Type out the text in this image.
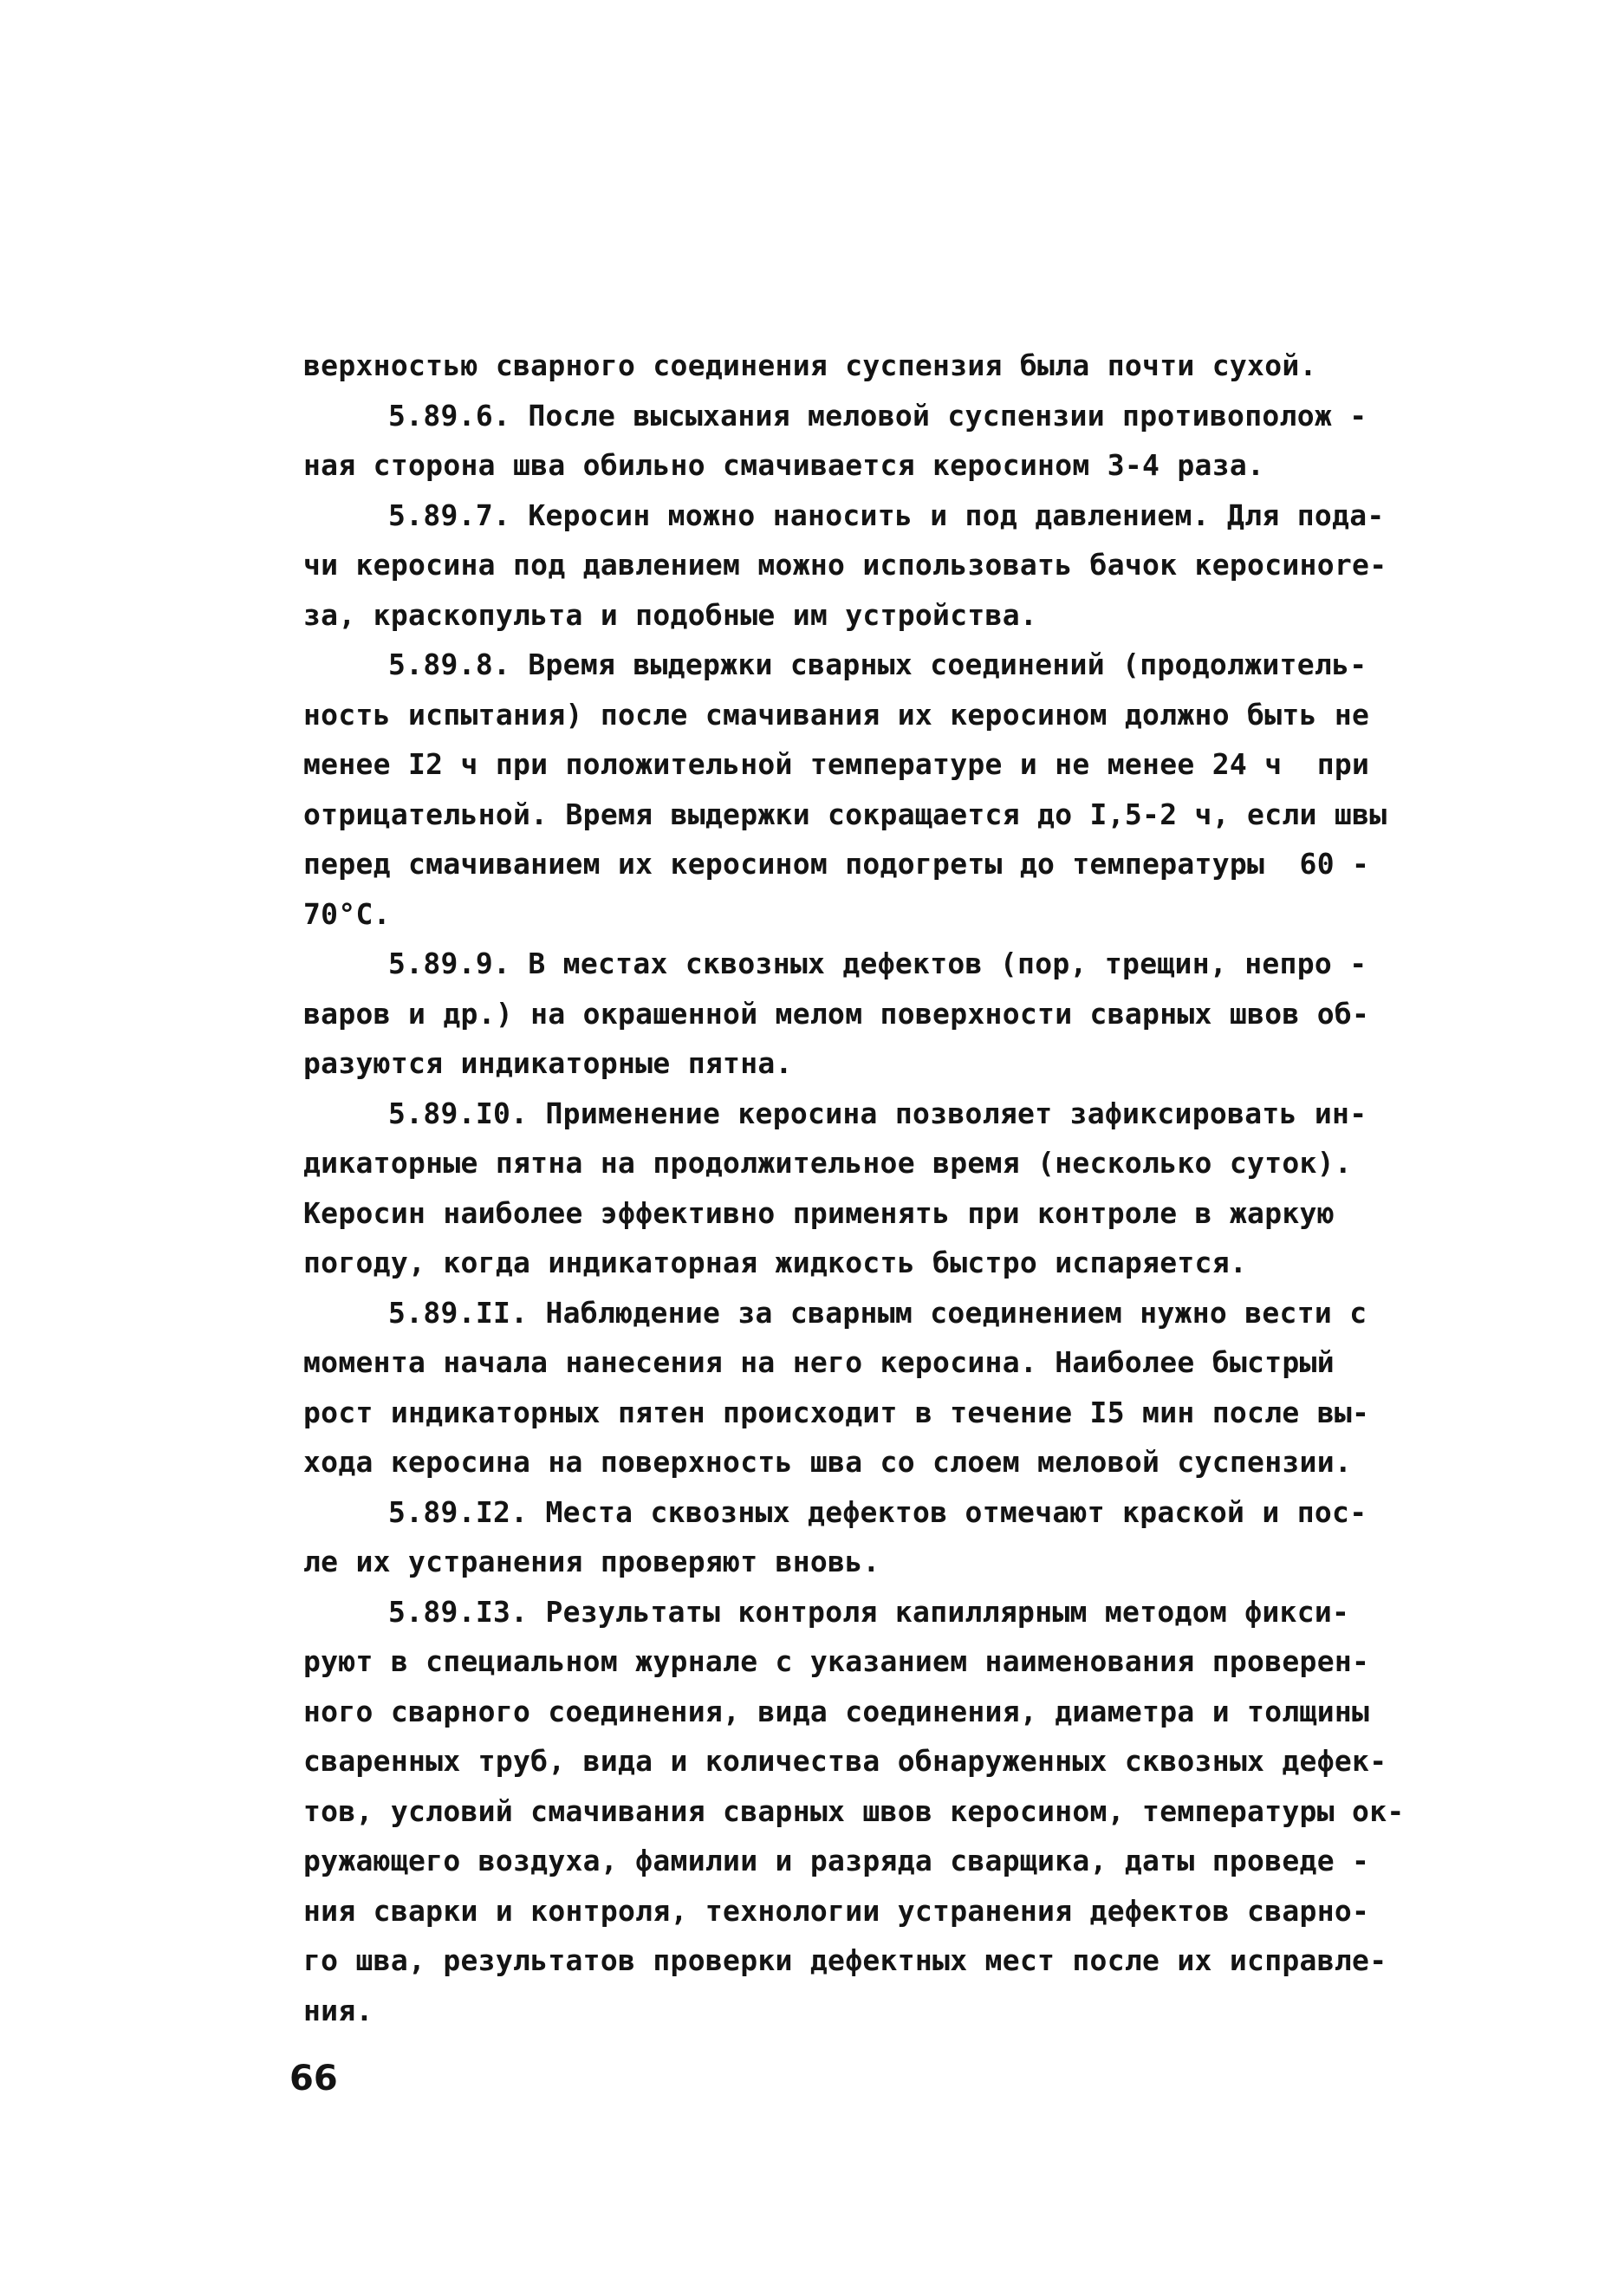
верхностью сварного соединения суспензия была почти сухой.
5.89.6. После высыхания меловой суспензии противополож -
ная сторона шва обильно смачивается керосином 3-4 раза.
5.89.7. Керосин можно наносить и под давлением. Для пода-
чи керосина под давлением можно использовать бачок керосинore-
за, краскопульта и подобные им устройства.
5.89.8. Время выдержки сварных соединений (продолжитель-
ность испытания) после смачивания их керосином должно быть не
менее I2 ч при положительной температуре и не менее 24 ч  при
отрицательной. Время выдержки сокращается до I,5-2 ч, если швы
перед смачиванием их керосином подогреты до температуры  60 -
70°С.
5.89.9. В местах сквозных дефектов (пор, трещин, непро -
варов и др.) на окрашенной мелом поверхности сварных швов об-
разуются индикаторные пятна.
5.89.I0. Применение керосина позволяет зафиксировать ин-
дикаторные пятна на продолжительное время (несколько суток).
Керосин наиболее эффективно применять при контроле в жаркую
погоду, когда индикаторная жидкость быстро испаряется.
5.89.II. Наблюдение за сварным соединением нужно вести с
момента начала нанесения на него керосина. Наиболее быстрый
рост индикаторных пятен происходит в течение I5 мин после вы-
хода керосина на поверхность шва со слоем меловой суспензии.
5.89.I2. Места сквозных дефектов отмечают краской и пос-
ле их устранения проверяют вновь.
5.89.I3. Результаты контроля капиллярным методом фикси-
руют в специальном журнале с указанием наименования проверен-
ного сварного соединения, вида соединения, диаметра и толщины
сваренных труб, вида и количества обнаруженных сквозных дефек-
тов, условий смачивания сварных швов керосином, температуры ок-
ружающего воздуха, фамилии и разряда сварщика, даты проведе -
ния сварки и контроля, технологии устранения дефектов сварно-
го шва, результатов проверки дефектных мест после их исправле-
ния.
66
